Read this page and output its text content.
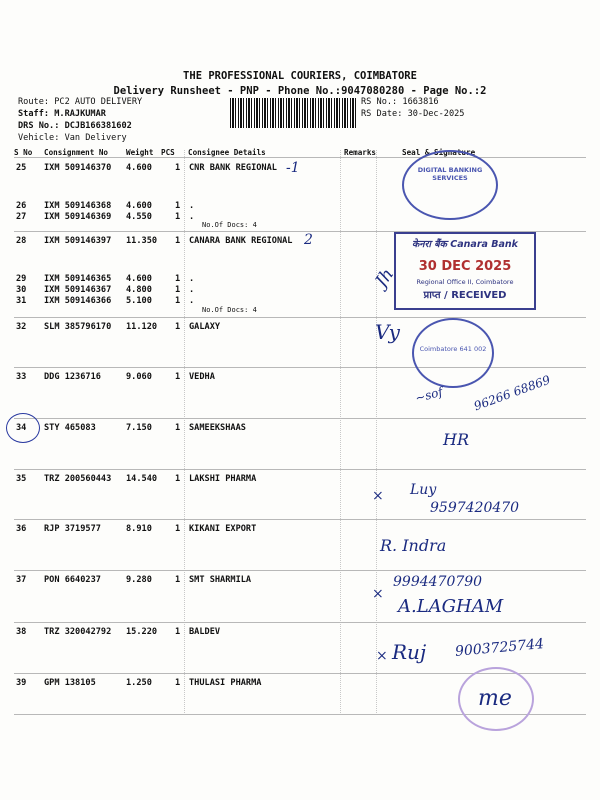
THE PROFESSIONAL COURIERS, COIMBATORE
Delivery Runsheet - PNP - Phone No.:9047080280 - Page No.:2
Route: PC2 AUTO DELIVERY
Staff: M.RAJKUMAR
DRS No.: DCJB166381602
Vehicle: Van Delivery
RS No.: 1663816
RS Date: 30-Dec-2025
S No Consignment No Weight PCS Consignee Details	Remarks	Seal & Signature
25 IXM 509146370 4.600	1 CNR BANK REGIONAL
26 IXM 509146368 4.600	1 .
27 IXM 509146369 4.550	1 .
28 IXM 509146397 11.350 1 CANARA BANK REGIONAL
29 IXM 509146365 4.600	1 .
30 IXM 509146367 4.800	1 .
31 IXM 509146366 5.100	1 .
32 SLM 385796170 11.120 1 GALAXY
33 DDG 1236716	9.060	1 VEDHA
34 STY 465083	7.150	1 SAMEEKSHAAS
35 TRZ 200560443 14.540 1 LAKSHI PHARMA
36 RJP 3719577	8.910	1 KIKANI EXPORT
37 PON 6640237	9.280	1 SMT SHARMILA
38 TRZ 320042792 15.220 1 BALDEV
39 GPM 138105	1.250	1 THULASI PHARMA
No.Of Docs: 4
No.Of Docs: 4
DIGITAL BANKING SERVICES
केनरा बैंक Canara Bank
30 DEC 2025
Regional Office II, Coimbatore
प्राप्त / RECEIVED
Coimbatore 641 002
-1
2
Jh
Vy
96266 68869
~sof
HR
× Luy
9597420470
R. Indra
×
9994470790
A.LAGHAM
× Ruj 9003725744
me
